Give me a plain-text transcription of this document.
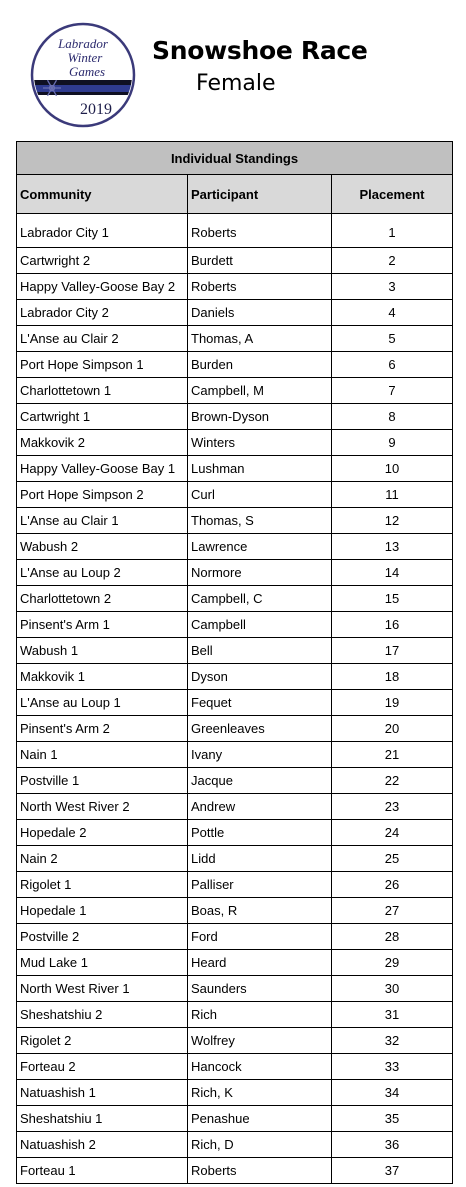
Labrador
Winter
Games
2019
Snowshoe Race
Female
Individual Standings		
Community	Participant	Placement
Labrador City 1	Roberts	1
Cartwright 2	Burdett	2
Happy Valley-Goose Bay 2	Roberts	3
Labrador City 2	Daniels	4
L'Anse au Clair 2	Thomas, A	5
Port Hope Simpson 1	Burden	6
Charlottetown 1	Campbell, M	7
Cartwright 1	Brown-Dyson	8
Makkovik 2	Winters	9
Happy Valley-Goose Bay 1	Lushman	10
Port Hope Simpson 2	Curl	11
L'Anse au Clair 1	Thomas, S	12
Wabush 2	Lawrence	13
L'Anse au Loup 2	Normore	14
Charlottetown 2	Campbell, C	15
Pinsent's Arm 1	Campbell	16
Wabush 1	Bell	17
Makkovik 1	Dyson	18
L'Anse au Loup 1	Fequet	19
Pinsent's Arm 2	Greenleaves	20
Nain 1	Ivany	21
Postville 1	Jacque	22
North West River 2	Andrew	23
Hopedale 2	Pottle	24
Nain 2	Lidd	25
Rigolet 1	Palliser	26
Hopedale 1	Boas, R	27
Postville 2	Ford	28
Mud Lake 1	Heard	29
North West River 1	Saunders	30
Sheshatshiu 2	Rich	31
Rigolet 2	Wolfrey	32
Forteau 2	Hancock	33
Natuashish 1	Rich, K	34
Sheshatshiu 1	Penashue	35
Natuashish 2	Rich, D	36
Forteau 1	Roberts	37
